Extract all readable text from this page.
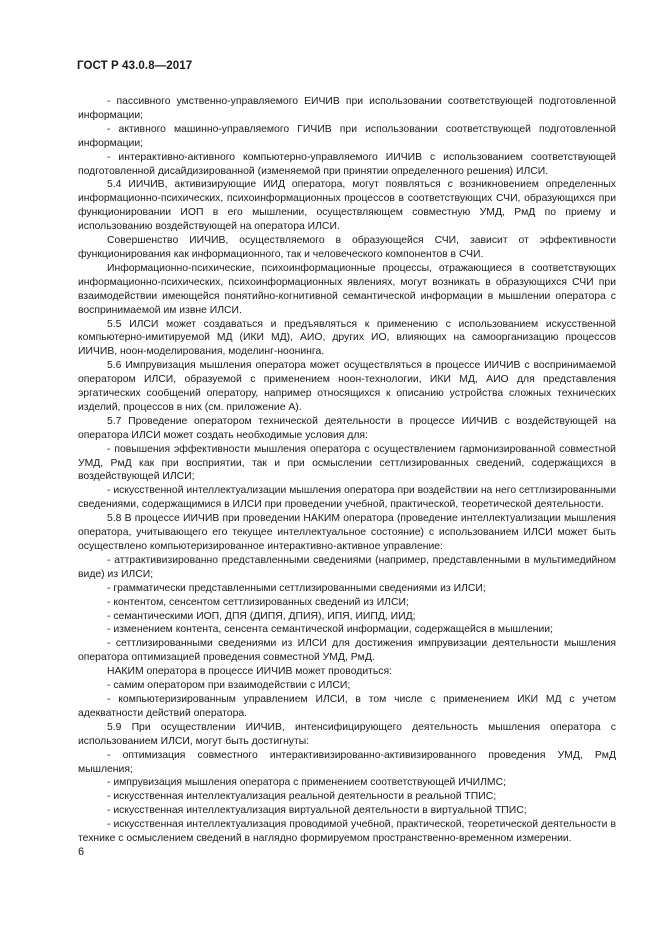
ГОСТ Р 43.0.8—2017

- пассивного умственно-управляемого ЕИЧИВ при использовании соответствующей подготовленной информации;

- активного машинно-управляемого ГИЧИВ при использовании соответствующей подготовленной информации;

- интерактивно-активного компьютерно-управляемого ИИЧИВ с использованием соответствующей подготовленной дисайдизированной (изменяемой при принятии определенного решения) ИЛСИ.

5.4 ИИЧИВ, активизирующие ИИД оператора, могут появляться с возникновением определенных информационно-психических, психоинформационных процессов в соответствующих СЧИ, образующихся при функционировании ИОП в его мышлении, осуществляющем совместную УМД, РмД по приему и использованию воздействующей на оператора ИЛСИ.

Совершенство ИИЧИВ, осуществляемого в образующейся СЧИ, зависит от эффективности функционирования как информационного, так и человеческого компонентов в СЧИ.

Информационно-психические, психоинформационные процессы, отражающиеся в соответствующих информационно-психических, психоинформационных явлениях, могут возникать в образующихся СЧИ при взаимодействии имеющейся понятийно-когнитивной семантической информации в мышлении оператора с воспринимаемой им извне ИЛСИ.

5.5 ИЛСИ может создаваться и предъявляться к применению с использованием искусственной компьютерно-имитируемой МД (ИКИ МД), АИО, других ИО, влияющих на самоорганизацию процессов ИИЧИВ, ноон-моделирования, моделинг-ноонинга.

5.6 Импрувизация мышления оператора может осуществляться в процессе ИИЧИВ с воспринимаемой оператором ИЛСИ, образуемой с применением ноон-технологии, ИКИ МД, АИО для представления эргатических сообщений оператору, например относящихся к описанию устройства сложных технических изделий, процессов в них (см. приложение А).

5.7 Проведение оператором технической деятельности в процессе ИИЧИВ с воздействующей на оператора ИЛСИ может создать необходимые условия для:

- повышения эффективности мышления оператора с осуществлением гармонизированной совместной УМД, РмД как при восприятии, так и при осмыслении сеттлизированных сведений, содержащихся в воздействующей ИЛСИ;

- искусственной интеллектуализации мышления оператора при воздействии на него сеттлизированными сведениями, содержащимися в ИЛСИ при проведении учебной, практической, теоретической деятельности.

5.8 В процессе ИИЧИВ при проведении НАКИМ оператора (проведение интеллектуализации мышления оператора, учитывающего его текущее интеллектуальное состояние) с использованием ИЛСИ может быть осуществлено компьютеризированное интерактивно-активное управление:

- аттрактивизированно представленными сведениями (например, представленными в мультимедийном виде) из ИЛСИ;

- грамматически представленными сеттлизированными сведениями из ИЛСИ;

- контентом, сенсентом сеттлизированных сведений из ИЛСИ;

- семантическими ИОП, ДПЯ (ДИПЯ, ДПИЯ), ИПЯ, ИИПД, ИИД;

- изменением контента, сенсента семантической информации, содержащейся в мышлении;

- сеттлизированными сведениями из ИЛСИ для достижения импрувизации деятельности мышления оператора оптимизацией проведения совместной УМД, РмД.

НАКИМ оператора в процессе ИИЧИВ может проводиться:

- самим оператором при взаимодействии с ИЛСИ;

- компьютеризированным управлением ИЛСИ, в том числе с применением ИКИ МД с учетом адекватности действий оператора.

5.9 При осуществлении ИИЧИВ, интенсифицирующего деятельность мышления оператора с использованием ИЛСИ, могут быть достигнуты:

- оптимизация совместного интерактивизированно-активизированного проведения УМД, РмД мышления;

- импрувизация мышления оператора с применением соответствующей ИЧИЛМС;

- искусственная интеллектуализация реальной деятельности в реальной ТПИС;

- искусственная интеллектуализация виртуальной деятельности в виртуальной ТПИС;

- искусственная интеллектуализация проводимой учебной, практической, теоретической деятельности в технике с осмыслением сведений в наглядно формируемом пространственно-временном измерении.

6
